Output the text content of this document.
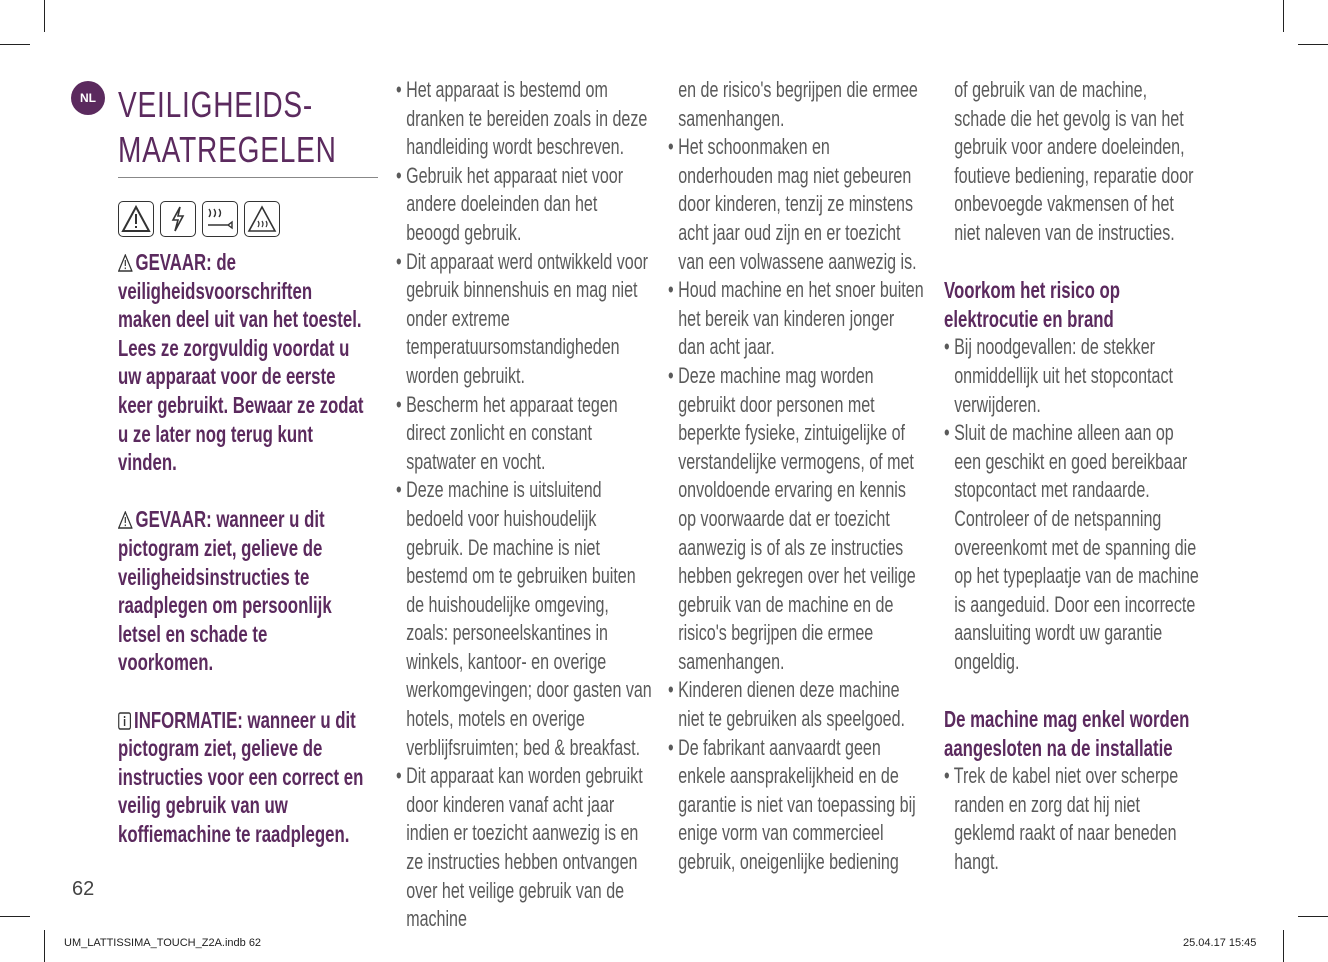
NL VEILIGHEIDS-
MAATREGELEN
GEVAAR: de veiligheidsvoorschriften maken deel uit van het toestel. Lees ze zorgvuldig voordat u uw apparaat voor de eerste keer gebruikt. Bewaar ze zodat u ze later nog terug kunt vinden.
GEVAAR: wanneer u dit pictogram ziet, gelieve de veiligheidsinstructies te raadplegen om persoonlijk letsel en schade te voorkomen.
INFORMATIE: wanneer u dit pictogram ziet, gelieve de instructies voor een correct en veilig gebruik van uw koffiemachine te raadplegen.
• Het apparaat is bestemd om dranken te bereiden zoals in deze handleiding wordt beschreven.
• Gebruik het apparaat niet voor andere doeleinden dan het beoogd gebruik.
• Dit apparaat werd ontwikkeld voor gebruik binnenshuis en mag niet onder extreme temperatuursomstandigheden worden gebruikt.
• Bescherm het apparaat tegen direct zonlicht en constant spatwater en vocht.
• Deze machine is uitsluitend bedoeld voor huishoudelijk gebruik. De machine is niet bestemd om te gebruiken buiten de huishoudelijke omgeving, zoals: personeelskantines in winkels, kantoor- en overige werkomgevingen; door gasten van hotels, motels en overige verblijfsruimten; bed & breakfast.
• Dit apparaat kan worden gebruikt door kinderen vanaf acht jaar indien er toezicht aanwezig is en ze instructies hebben ontvangen over het veilige gebruik van de machine
en de risico's begrijpen die ermee samenhangen.
• Het schoonmaken en onderhouden mag niet gebeuren door kinderen, tenzij ze minstens acht jaar oud zijn en er toezicht van een volwassene aanwezig is.
• Houd machine en het snoer buiten het bereik van kinderen jonger dan acht jaar.
• Deze machine mag worden gebruikt door personen met beperkte fysieke, zintuigelijke of verstandelijke vermogens, of met onvoldoende ervaring en kennis op voorwaarde dat er toezicht aanwezig is of als ze instructies hebben gekregen over het veilige gebruik van de machine en de risico's begrijpen die ermee samenhangen.
• Kinderen dienen deze machine niet te gebruiken als speelgoed.
• De fabrikant aanvaardt geen enkele aansprakelijkheid en de garantie is niet van toepassing bij enige vorm van commercieel gebruik, oneigenlijke bediening
of gebruik van de machine, schade die het gevolg is van het gebruik voor andere doeleinden, foutieve bediening, reparatie door onbevoegde vakmensen of het niet naleven van de instructies.
Voorkom het risico op elektrocutie en brand
• Bij noodgevallen: de stekker onmiddellijk uit het stopcontact verwijderen.
• Sluit de machine alleen aan op een geschikt en goed bereikbaar stopcontact met randaarde. Controleer of de netspanning overeenkomt met de spanning die op het typeplaatje van de machine is aangeduid. Door een incorrecte aansluiting wordt uw garantie ongeldig.
De machine mag enkel worden aangesloten na de installatie
• Trek de kabel niet over scherpe randen en zorg dat hij niet geklemd raakt of naar beneden hangt.
62
UM_LATTISSIMA_TOUCH_Z2A.indb 62	25.04.17 15:45
